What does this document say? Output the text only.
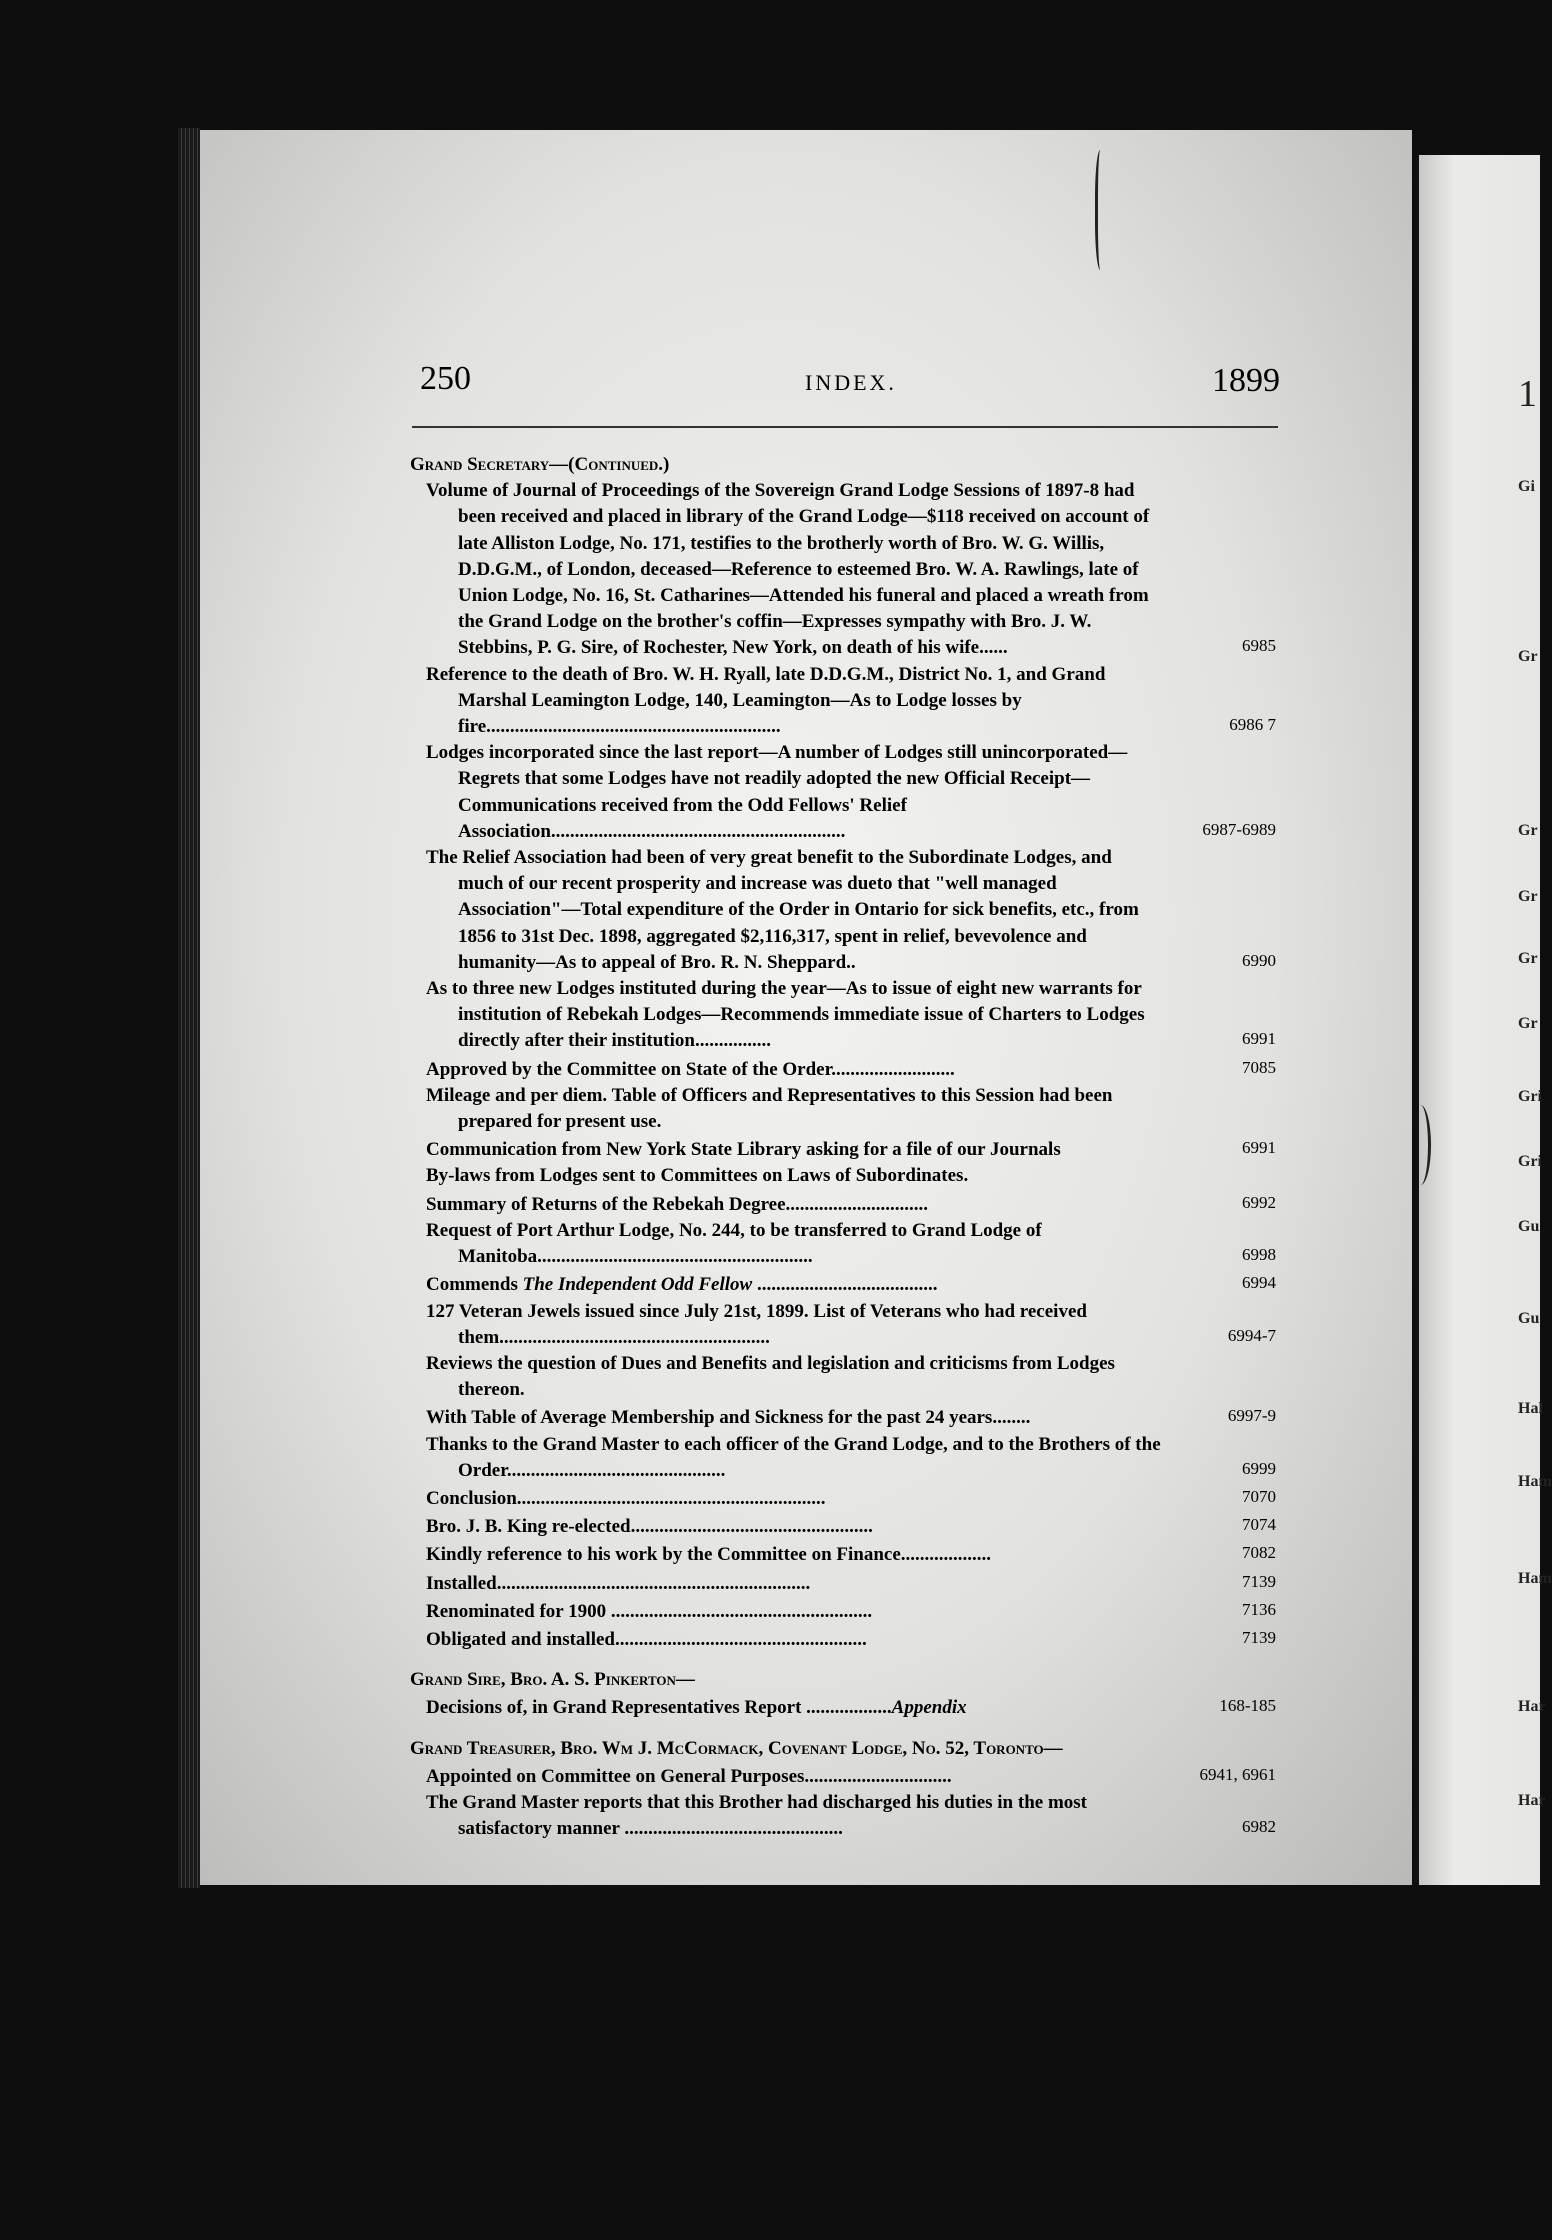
1
Gi
Gr
Gr
Gr
Gr
Gr
Gri
Gri
Gu
Gu
Hal
Ham
Ham
Har
Har
250	INDEX.	1899
Grand Secretary—(Continued.)
Volume of Journal of Proceedings of the Sovereign Grand Lodge Sessions of 1897-8 had been received and placed in library of the Grand Lodge—$118 received on account of late Alliston Lodge, No. 171, testifies to the brotherly worth of Bro. W. G. Willis, D.D.G.M., of London, deceased—Reference to esteemed Bro. W. A. Rawlings, late of Union Lodge, No. 16, St. Catharines—Attended his funeral and placed a wreath from the Grand Lodge on the brother's coffin—Expresses sympathy with Bro. J. W. Stebbins, P. G. Sire, of Rochester, New York, on death of his wife......	6985
Reference to the death of Bro. W. H. Ryall, late D.D.G.M., District No. 1, and Grand Marshal Leamington Lodge, 140, Leamington—As to Lodge losses by fire..............................................................	6986 7
Lodges incorporated since the last report—A number of Lodges still unincorporated—Regrets that some Lodges have not readily adopted the new Official Receipt—Communications received from the Odd Fellows' Relief Association..............................................................	6987-6989
The Relief Association had been of very great benefit to the Subordinate Lodges, and much of our recent prosperity and increase was dueto that "well managed Association"—Total expenditure of the Order in Ontario for sick benefits, etc., from 1856 to 31st Dec. 1898, aggregated $2,116,317, spent in relief, bevevolence and humanity—As to appeal of Bro. R. N. Sheppard..	6990
As to three new Lodges instituted during the year—As to issue of eight new warrants for institution of Rebekah Lodges—Recommends immediate issue of Charters to Lodges directly after their institution................	6991
Approved by the Committee on State of the Order..........................	7085
Mileage and per diem. Table of Officers and Representatives to this Session had been prepared for present use.
Communication from New York State Library asking for a file of our Journals	6991
By-laws from Lodges sent to Committees on Laws of Subordinates.
Summary of Returns of the Rebekah Degree..............................	6992
Request of Port Arthur Lodge, No. 244, to be transferred to Grand Lodge of Manitoba..........................................................	6998
Commends The Independent Odd Fellow ......................................	6994
127 Veteran Jewels issued since July 21st, 1899. List of Veterans who had received them.........................................................	6994-7
Reviews the question of Dues and Benefits and legislation and criticisms from Lodges thereon.
With Table of Average Membership and Sickness for the past 24 years........	6997-9
Thanks to the Grand Master to each officer of the Grand Lodge, and to the Brothers of the Order..............................................	6999
Conclusion.................................................................	7070
Bro. J. B. King re-elected...................................................	7074
Kindly reference to his work by the Committee on Finance...................	7082
Installed..................................................................	7139
Renominated for 1900 .......................................................	7136
Obligated and installed.....................................................	7139
Grand Sire, Bro. A. S. Pinkerton—
Decisions of, in Grand Representatives Report ..................Appendix	168-185
Grand Treasurer, Bro. Wm J. McCormack, Covenant Lodge, No. 52, Toronto—
Appointed on Committee on General Purposes...............................	6941, 6961
The Grand Master reports that this Brother had discharged his duties in the most satisfactory manner ..............................................	6982
